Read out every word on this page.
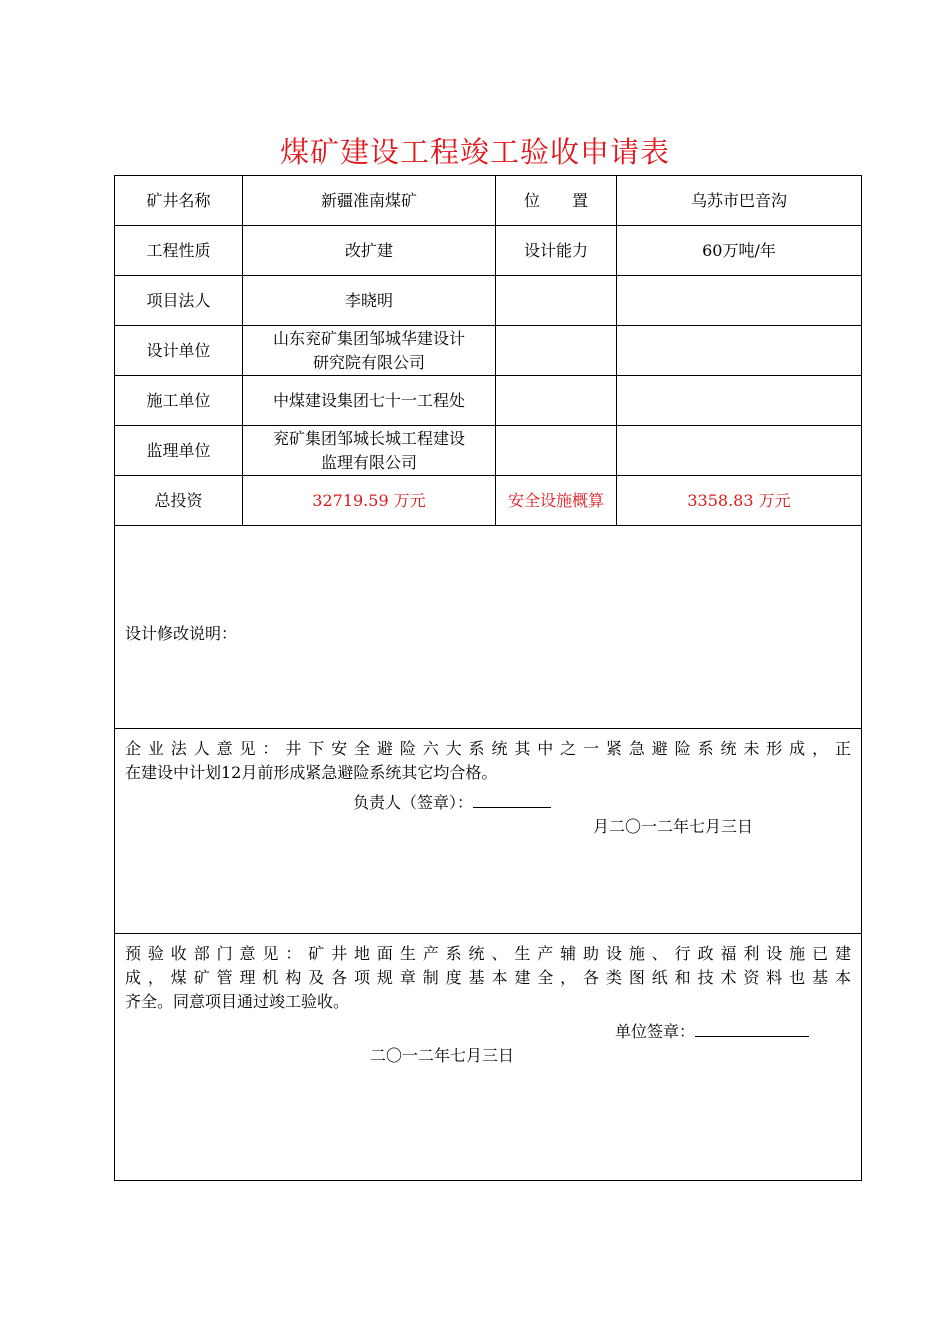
煤矿建设工程竣工验收申请表
矿井名称	新疆准南煤矿	位　　置	乌苏市巴音沟
工程性质	改扩建	设计能力	60万吨/年
项目法人	李晓明		
设计单位	山东兖矿集团邹城华建设计
研究院有限公司		

施工单位	中煤建设集团七十一工程处		
监理单位	兖矿集团邹城长城工程建设
监理有限公司		

总投资	32719.59 万元	安全设施概算	3358.83 万元

设计修改说明：			

企业法人意见：井下安全避险六大系统其中之一紧急避险系统未形成，正
在建设中计划12月前形成紧急避险系统其它均合格。
负责人（签章）：
月二〇一二年七月三日			

预验收部门意见：矿井地面生产系统、生产辅助设施、行政福利设施已建
成，煤矿管理机构及各项规章制度基本建全，各类图纸和技术资料也基本
齐全。同意项目通过竣工验收。
单位签章：
二〇一二年七月三日			
